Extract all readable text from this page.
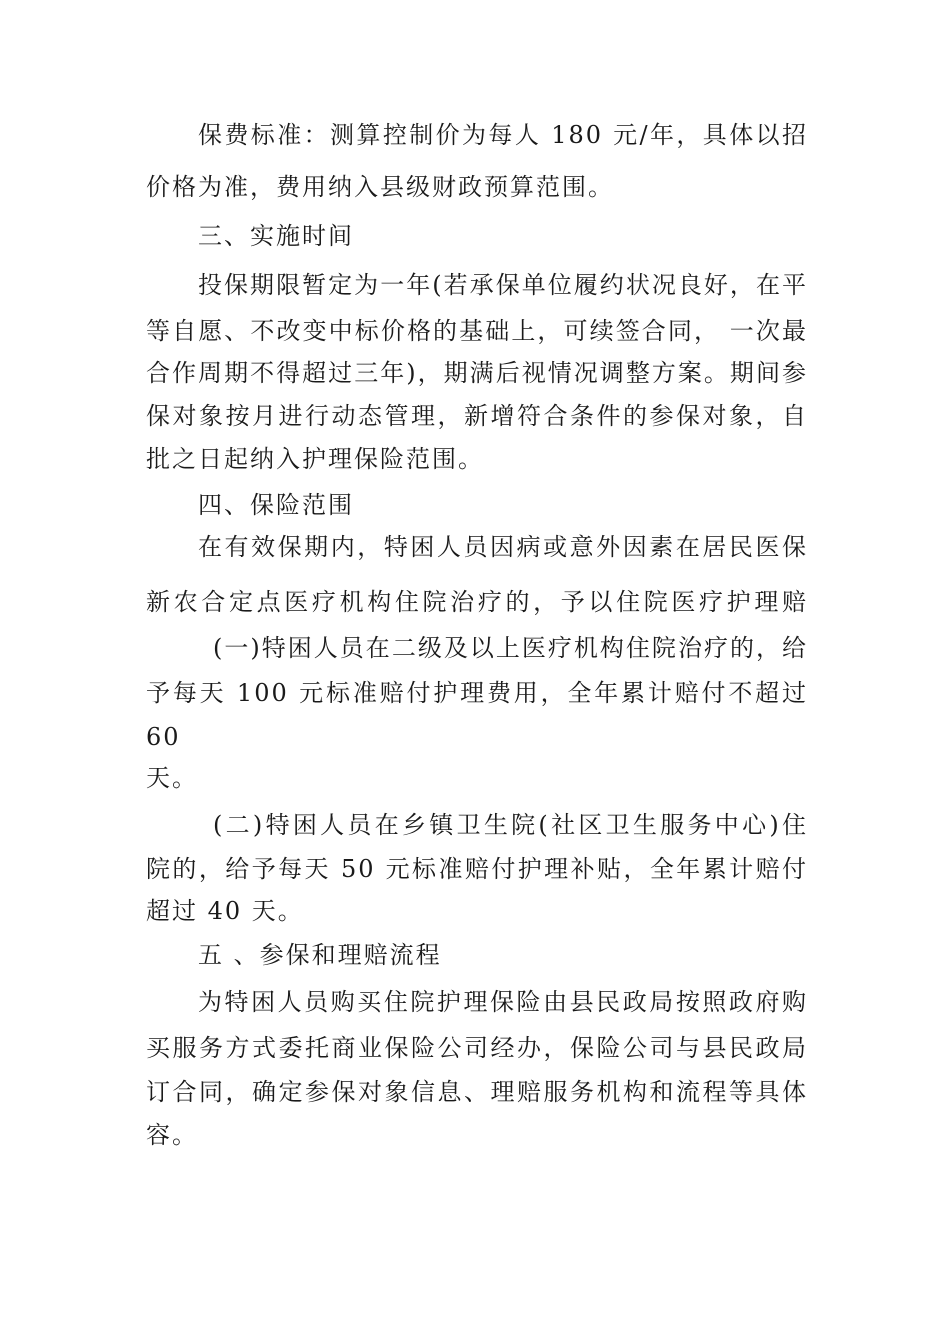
保费标准：测算控制价为每人 180 元/年，具体以招
价格为准，费用纳入县级财政预算范围。
三、实施时间
投保期限暂定为一年(若承保单位履约状况良好，在平
等自愿、不改变中标价格的基础上，可续签合同， 一次最
合作周期不得超过三年)，期满后视情况调整方案。期间参
保对象按月进行动态管理，新增符合条件的参保对象，自
批之日起纳入护理保险范围。
四、保险范围
在有效保期内，特困人员因病或意外因素在居民医保
新农合定点医疗机构住院治疗的，予以住院医疗护理赔
(一)特困人员在二级及以上医疗机构住院治疗的，给
予每天 100 元标准赔付护理费用，全年累计赔付不超过
60
天。
(二)特困人员在乡镇卫生院(社区卫生服务中心)住
院的，给予每天 50 元标准赔付护理补贴，全年累计赔付
超过 40 天。
五 、参保和理赔流程
为特困人员购买住院护理保险由县民政局按照政府购
买服务方式委托商业保险公司经办，保险公司与县民政局
订合同，确定参保对象信息、理赔服务机构和流程等具体
容。
